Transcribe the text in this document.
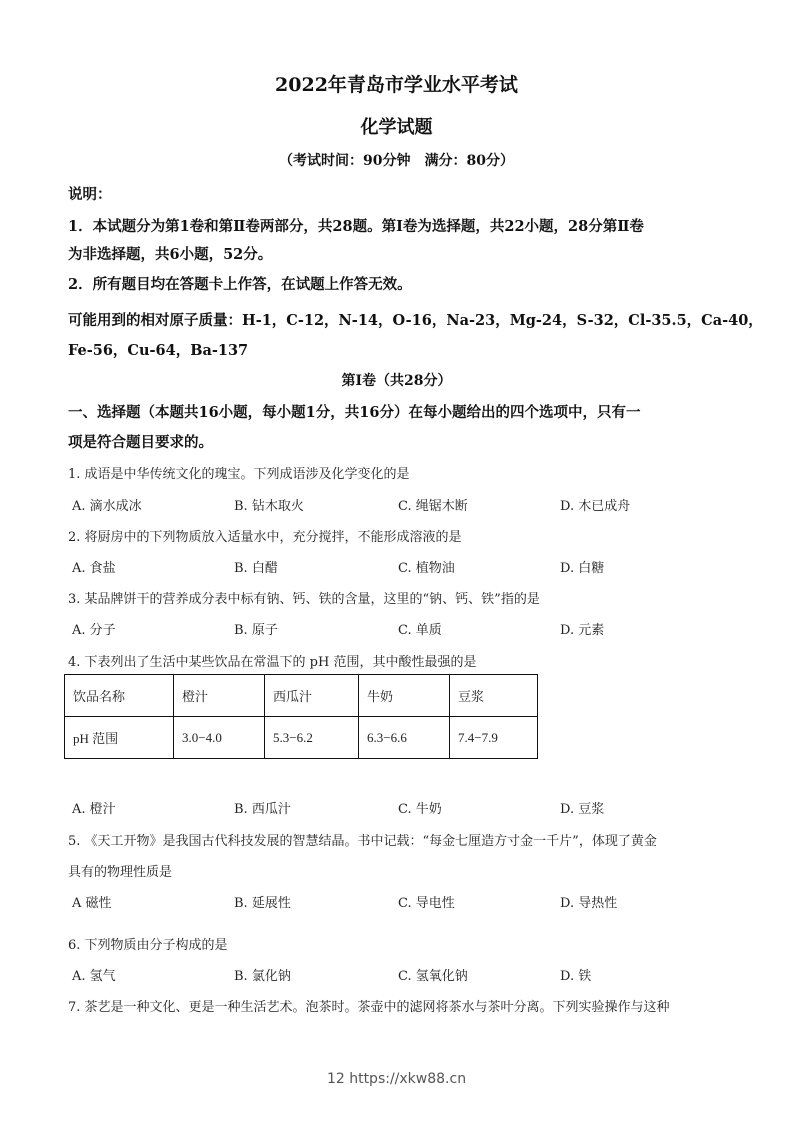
2022年青岛市学业水平考试
化学试题
（考试时间：90分钟　满分：80分）
说明：
1．本试题分为第1卷和第Ⅱ卷两部分，共28题。第Ⅰ卷为选择题，共22小题，28分第Ⅱ卷
为非选择题，共6小题，52分。
2．所有题目均在答题卡上作答，在试题上作答无效。
可能用到的相对原子质量：H-1，C-12，N-14，O-16，Na-23，Mg-24，S-32，Cl-35.5，Ca-40，
Fe-56，Cu-64，Ba-137
第Ⅰ卷（共28分）
一、选择题（本题共16小题，每小题1分，共16分）在每小题给出的四个选项中，只有一
项是符合题目要求的。
1. 成语是中华传统文化的瑰宝。下列成语涉及化学变化的是
A. 滴水成冰	B. 钻木取火	C. 绳锯木断	D. 木已成舟
2. 将厨房中的下列物质放入适量水中，充分搅拌，不能形成溶液的是
A. 食盐	B. 白醋	C. 植物油	D. 白糖
3. 某品牌饼干的营养成分表中标有钠、钙、铁的含量，这里的“钠、钙、铁”指的是
A. 分子	B. 原子	C. 单质	D. 元素
4. 下表列出了生活中某些饮品在常温下的 pH 范围，其中酸性最强的是
饮品名称	橙汁	西瓜汁	牛奶	豆浆
pH 范围	3.0−4.0	5.3−6.2	6.3−6.6	7.4−7.9
A. 橙汁	B. 西瓜汁	C. 牛奶	D. 豆浆
5. 《天工开物》是我国古代科技发展的智慧结晶。书中记载：“每金七厘造方寸金一千片”，体现了黄金
具有的物理性质是
A 磁性	B. 延展性	C. 导电性	D. 导热性
6. 下列物质由分子构成的是
A. 氢气	B. 氯化钠	C. 氢氧化钠	D. 铁
7. 茶艺是一种文化、更是一种生活艺术。泡茶时。茶壶中的滤网将茶水与茶叶分离。下列实验操作与这种
12 https://xkw88.cn
